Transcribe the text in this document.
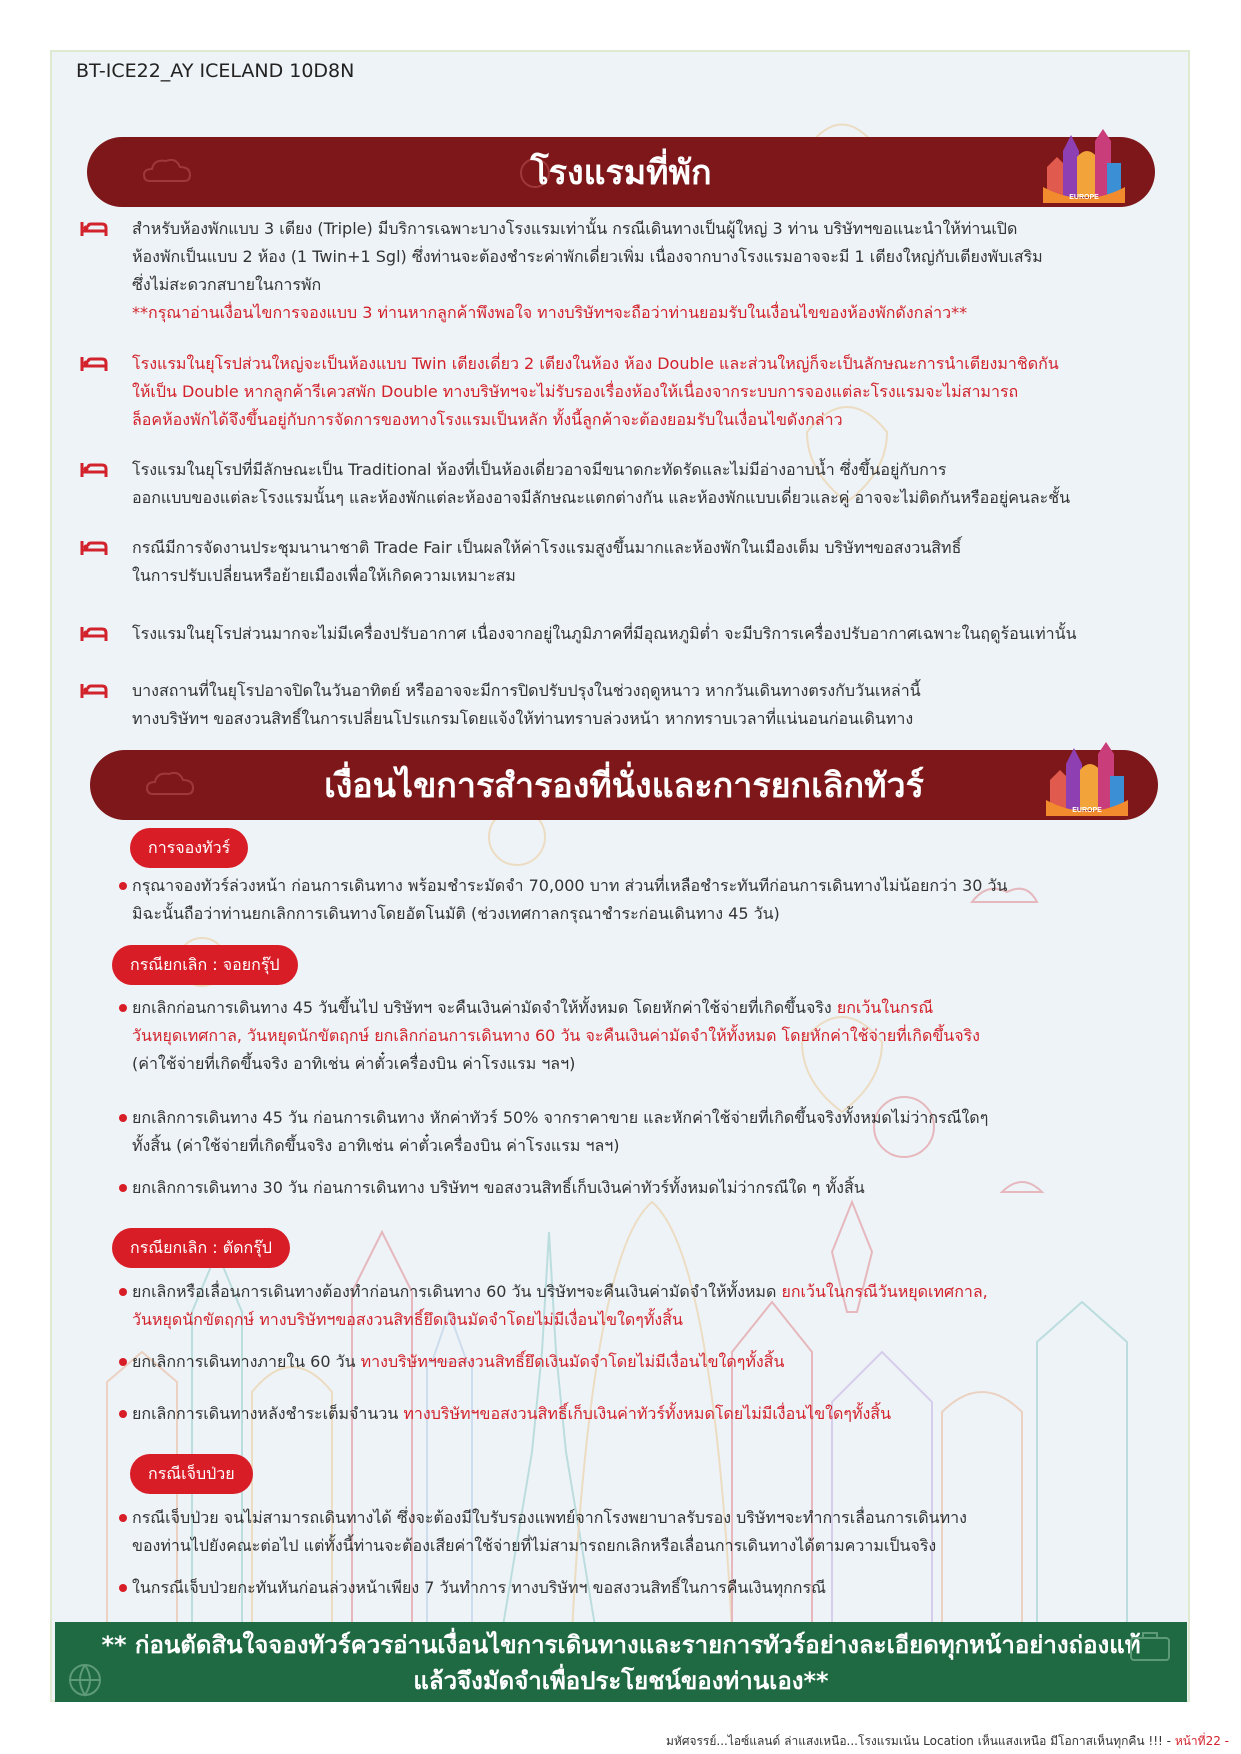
BT-ICE22_AY ICELAND 10D8N
โรงแรมที่พัก
EUROPE
สำหรับห้องพักแบบ 3 เตียง (Triple) มีบริการเฉพาะบางโรงแรมเท่านั้น กรณีเดินทางเป็นผู้ใหญ่ 3 ท่าน บริษัทฯขอแนะนำให้ท่านเปิด
ห้องพักเป็นแบบ 2 ห้อง (1 Twin+1 Sgl) ซึ่งท่านจะต้องชำระค่าพักเดี่ยวเพิ่ม เนื่องจากบางโรงแรมอาจจะมี 1 เตียงใหญ่กับเตียงพับเสริม
ซึ่งไม่สะดวกสบายในการพัก
**กรุณาอ่านเงื่อนไขการจองแบบ 3 ท่านหากลูกค้าพึงพอใจ ทางบริษัทฯจะถือว่าท่านยอมรับในเงื่อนไขของห้องพักดังกล่าว**
โรงแรมในยุโรปส่วนใหญ่จะเป็นห้องแบบ Twin เตียงเดี่ยว 2 เตียงในห้อง ห้อง Double และส่วนใหญ่ก็จะเป็นลักษณะการนำเตียงมาชิดกัน
ให้เป็น Double หากลูกค้ารีเควสพัก Double ทางบริษัทฯจะไม่รับรองเรื่องห้องให้เนื่องจากระบบการจองแต่ละโรงแรมจะไม่สามารถ
ล็อคห้องพักได้จึงขึ้นอยู่กับการจัดการของทางโรงแรมเป็นหลัก ทั้งนี้ลูกค้าจะต้องยอมรับในเงื่อนไขดังกล่าว
โรงแรมในยุโรปที่มีลักษณะเป็น Traditional ห้องที่เป็นห้องเดี่ยวอาจมีขนาดกะทัดรัดและไม่มีอ่างอาบน้ำ ซึ่งขึ้นอยู่กับการ
ออกแบบของแต่ละโรงแรมนั้นๆ และห้องพักแต่ละห้องอาจมีลักษณะแตกต่างกัน และห้องพักแบบเดี่ยวและคู่ อาจจะไม่ติดกันหรืออยู่คนละชั้น
กรณีมีการจัดงานประชุมนานาชาติ Trade Fair เป็นผลให้ค่าโรงแรมสูงขึ้นมากและห้องพักในเมืองเต็ม บริษัทฯขอสงวนสิทธิ์
ในการปรับเปลี่ยนหรือย้ายเมืองเพื่อให้เกิดความเหมาะสม
โรงแรมในยุโรปส่วนมากจะไม่มีเครื่องปรับอากาศ เนื่องจากอยู่ในภูมิภาคที่มีอุณหภูมิต่ำ จะมีบริการเครื่องปรับอากาศเฉพาะในฤดูร้อนเท่านั้น
บางสถานที่ในยุโรปอาจปิดในวันอาทิตย์ หรืออาจจะมีการปิดปรับปรุงในช่วงฤดูหนาว หากวันเดินทางตรงกับวันเหล่านี้
ทางบริษัทฯ ขอสงวนสิทธิ์ในการเปลี่ยนโปรแกรมโดยแจ้งให้ท่านทราบล่วงหน้า หากทราบเวลาที่แน่นอนก่อนเดินทาง
เงื่อนไขการสำรองที่นั่งและการยกเลิกทัวร์
EUROPE
การจองทัวร์
กรุณาจองทัวร์ล่วงหน้า ก่อนการเดินทาง พร้อมชำระมัดจำ 70,000 บาท ส่วนที่เหลือชำระทันทีก่อนการเดินทางไม่น้อยกว่า 30 วัน
มิฉะนั้นถือว่าท่านยกเลิกการเดินทางโดยอัตโนมัติ (ช่วงเทศกาลกรุณาชำระก่อนเดินทาง 45 วัน)
กรณียกเลิก : จอยกรุ๊ป
ยกเลิกก่อนการเดินทาง 45 วันขึ้นไป บริษัทฯ จะคืนเงินค่ามัดจำให้ทั้งหมด โดยหักค่าใช้จ่ายที่เกิดขึ้นจริง ยกเว้นในกรณี
วันหยุดเทศกาล, วันหยุดนักขัตฤกษ์ ยกเลิกก่อนการเดินทาง 60 วัน จะคืนเงินค่ามัดจำให้ทั้งหมด โดยหักค่าใช้จ่ายที่เกิดขึ้นจริง
(ค่าใช้จ่ายที่เกิดขึ้นจริง อาทิเช่น ค่าตั๋วเครื่องบิน ค่าโรงแรม ฯลฯ)
ยกเลิกการเดินทาง 45 วัน ก่อนการเดินทาง หักค่าทัวร์ 50% จากราคาขาย และหักค่าใช้จ่ายที่เกิดขึ้นจริงทั้งหมดไม่ว่ากรณีใดๆ
ทั้งสิ้น (ค่าใช้จ่ายที่เกิดขึ้นจริง อาทิเช่น ค่าตั๋วเครื่องบิน ค่าโรงแรม ฯลฯ)
ยกเลิกการเดินทาง 30 วัน ก่อนการเดินทาง บริษัทฯ ขอสงวนสิทธิ์เก็บเงินค่าทัวร์ทั้งหมดไม่ว่ากรณีใด ๆ ทั้งสิ้น
กรณียกเลิก : ตัดกรุ๊ป
ยกเลิกหรือเลื่อนการเดินทางต้องทำก่อนการเดินทาง 60 วัน บริษัทฯจะคืนเงินค่ามัดจำให้ทั้งหมด ยกเว้นในกรณีวันหยุดเทศกาล,
วันหยุดนักขัตฤกษ์ ทางบริษัทฯขอสงวนสิทธิ์ยึดเงินมัดจำโดยไม่มีเงื่อนไขใดๆทั้งสิ้น
ยกเลิกการเดินทางภายใน 60 วัน ทางบริษัทฯขอสงวนสิทธิ์ยึดเงินมัดจำโดยไม่มีเงื่อนไขใดๆทั้งสิ้น
ยกเลิกการเดินทางหลังชำระเต็มจำนวน ทางบริษัทฯขอสงวนสิทธิ์เก็บเงินค่าทัวร์ทั้งหมดโดยไม่มีเงื่อนไขใดๆทั้งสิ้น
กรณีเจ็บป่วย
กรณีเจ็บป่วย จนไม่สามารถเดินทางได้ ซึ่งจะต้องมีใบรับรองแพทย์จากโรงพยาบาลรับรอง บริษัทฯจะทำการเลื่อนการเดินทาง
ของท่านไปยังคณะต่อไป แต่ทั้งนี้ท่านจะต้องเสียค่าใช้จ่ายที่ไม่สามารถยกเลิกหรือเลื่อนการเดินทางได้ตามความเป็นจริง
ในกรณีเจ็บป่วยกะทันหันก่อนล่วงหน้าเพียง 7 วันทำการ ทางบริษัทฯ ขอสงวนสิทธิ์ในการคืนเงินทุกกรณี
** ก่อนตัดสินใจจองทัวร์ควรอ่านเงื่อนไขการเดินทางและรายการทัวร์อย่างละเอียดทุกหน้าอย่างถ่องแท้
แล้วจึงมัดจำเพื่อประโยชน์ของท่านเอง**
มหัศจรรย์...ไอซ์แลนด์ ล่าแสงเหนือ...โรงแรมเน้น Location เห็นแสงเหนือ มีโอกาสเห็นทุกคืน !!! - หน้าที่22 -
